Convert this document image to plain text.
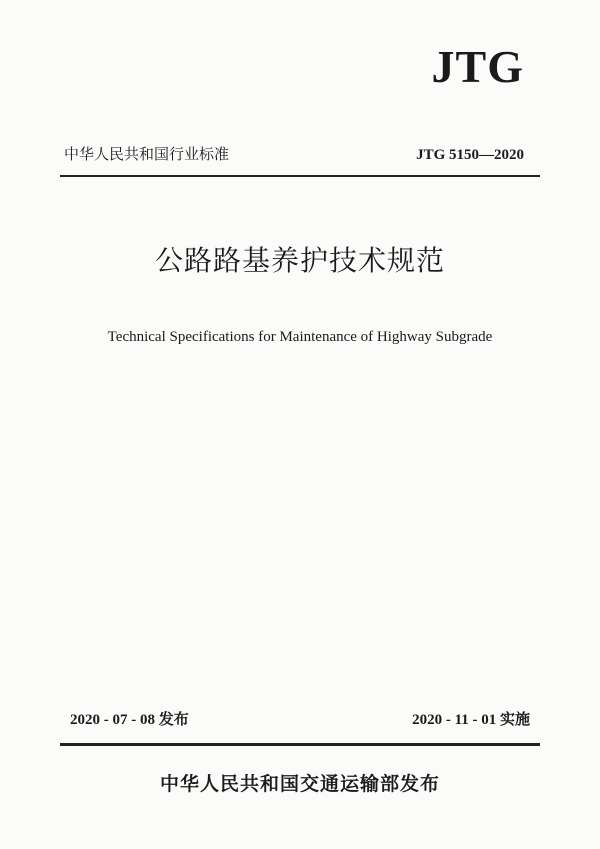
JTG
中华人民共和国行业标准	JTG 5150—2020
公路路基养护技术规范
Technical Specifications for Maintenance of Highway Subgrade
2020 - 07 - 08 发布	2020 - 11 - 01 实施
中华人民共和国交通运输部发布
